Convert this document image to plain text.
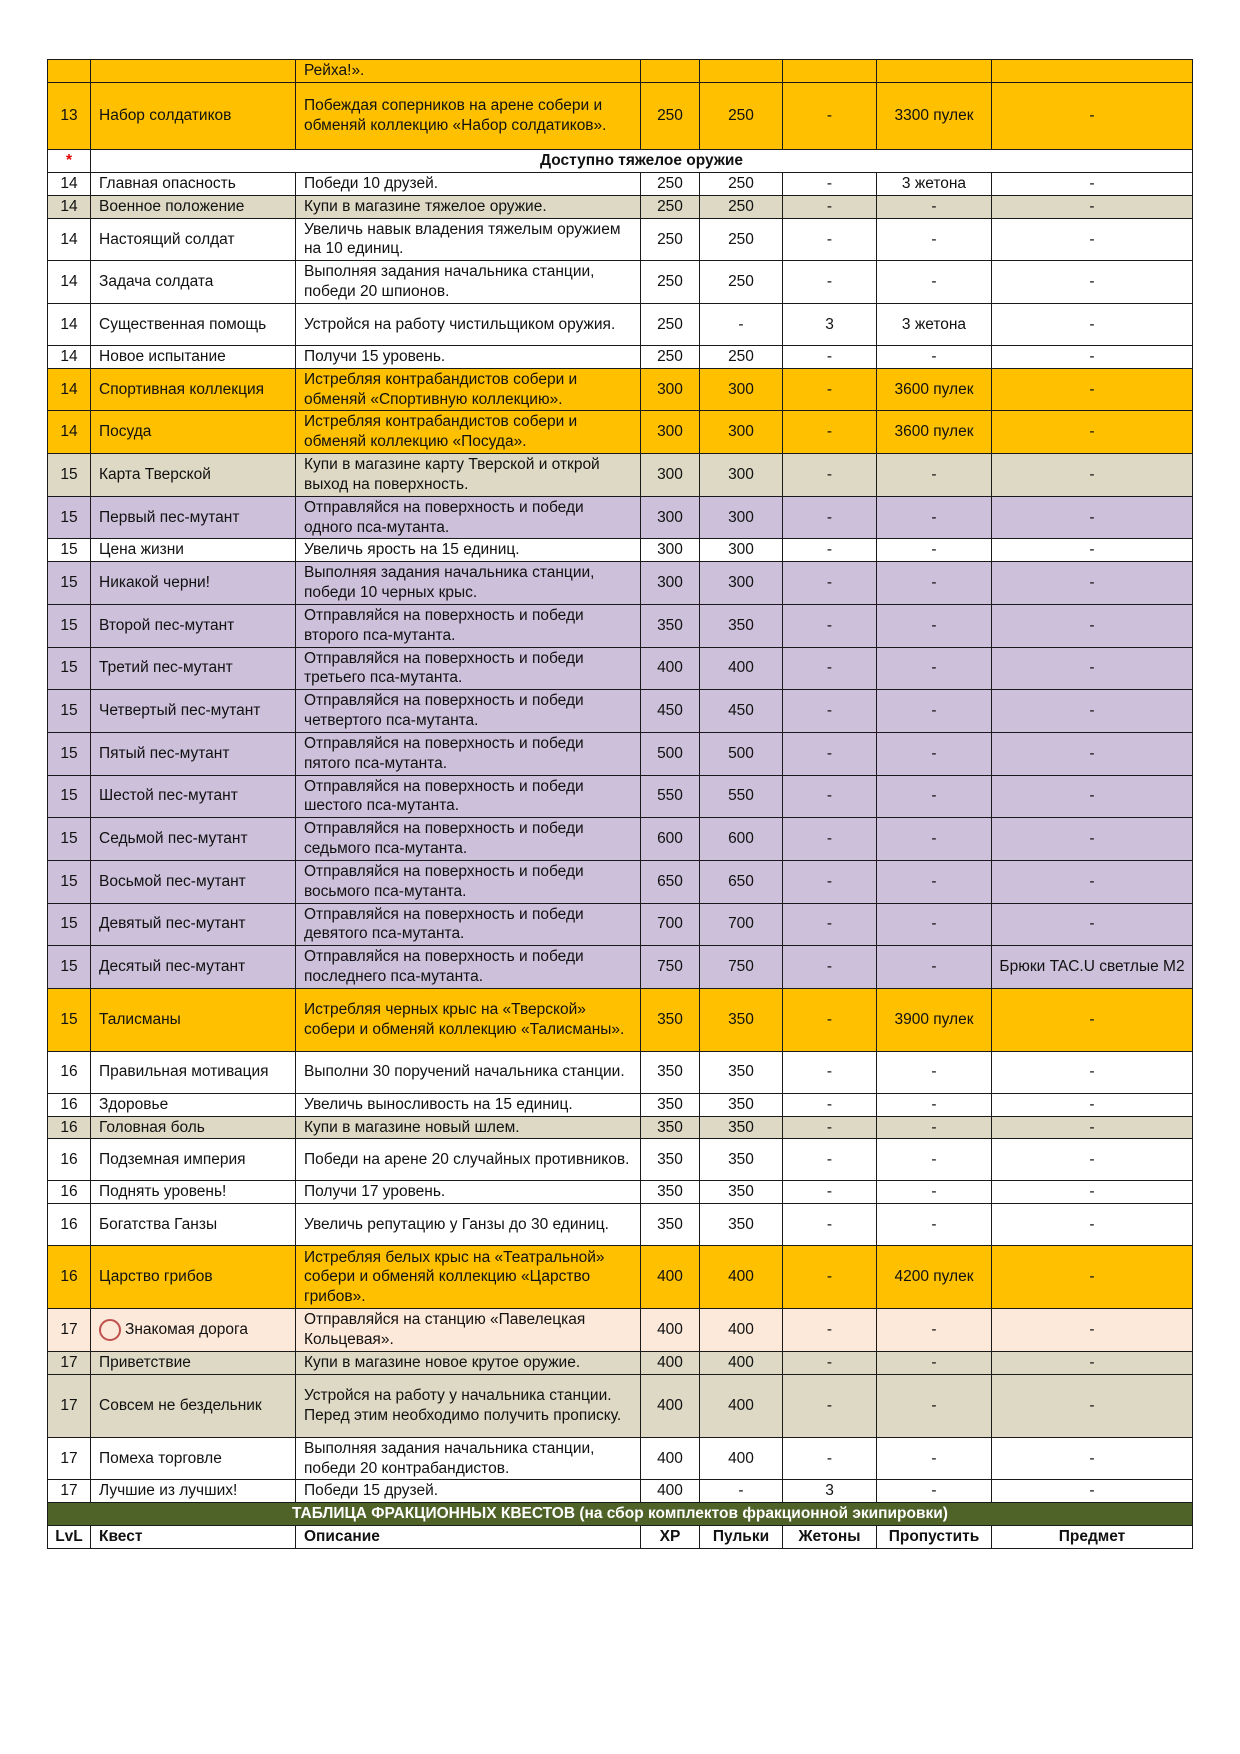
		Рейха!».					
13	Набор солдатиков	Побеждая соперников на арене собери и обменяй коллекцию «Набор солдатиков».	250	250	-	3300 пулек	-
*	Доступно тяжелое оружие						
14	Главная опасность	Победи 10 друзей.	250	250	-	3 жетона	-
14	Военное положение	Купи в магазине тяжелое оружие.	250	250	-	-	-
14	Настоящий солдат	Увеличь навык владения тяжелым оружием на 10 единиц.	250	250	-	-	-
14	Задача солдата	Выполняя задания начальника станции, победи 20 шпионов.	250	250	-	-	-
14	Существенная помощь	Устройся на работу чистильщиком оружия.	250	-	3	3 жетона	-
14	Новое испытание	Получи 15 уровень.	250	250	-	-	-
14	Спортивная коллекция	Истребляя контрабандистов собери и обменяй «Спортивную коллекцию».	300	300	-	3600 пулек	-
14	Посуда	Истребляя контрабандистов собери и обменяй коллекцию «Посуда».	300	300	-	3600 пулек	-
15	Карта Тверской	Купи в магазине карту Тверской и открой выход на поверхность.	300	300	-	-	-
15	Первый пес-мутант	Отправляйся на поверхность и победи одного пса-мутанта.	300	300	-	-	-
15	Цена жизни	Увеличь ярость на 15 единиц.	300	300	-	-	-
15	Никакой черни!	Выполняя задания начальника станции, победи 10 черных крыс.	300	300	-	-	-
15	Второй пес-мутант	Отправляйся на поверхность и победи второго пса-мутанта.	350	350	-	-	-
15	Третий пес-мутант	Отправляйся на поверхность и победи третьего пса-мутанта.	400	400	-	-	-
15	Четвертый пес-мутант	Отправляйся на поверхность и победи четвертого пса-мутанта.	450	450	-	-	-
15	Пятый пес-мутант	Отправляйся на поверхность и победи пятого пса-мутанта.	500	500	-	-	-
15	Шестой пес-мутант	Отправляйся на поверхность и победи шестого пса-мутанта.	550	550	-	-	-
15	Седьмой пес-мутант	Отправляйся на поверхность и победи седьмого пса-мутанта.	600	600	-	-	-
15	Восьмой пес-мутант	Отправляйся на поверхность и победи восьмого пса-мутанта.	650	650	-	-	-
15	Девятый пес-мутант	Отправляйся на поверхность и победи девятого пса-мутанта.	700	700	-	-	-
15	Десятый пес-мутант	Отправляйся на поверхность и победи последнего пса-мутанта.	750	750	-	-	Брюки TAC.U светлые M2
15	Талисманы	Истребляя черных крыс на «Тверской» собери и обменяй коллекцию «Талисманы».	350	350	-	3900 пулек	-
16	Правильная мотивация	Выполни 30 поручений начальника станции.	350	350	-	-	-
16	Здоровье	Увеличь выносливость на 15 единиц.	350	350	-	-	-
16	Головная боль	Купи в магазине новый шлем.	350	350	-	-	-
16	Подземная империя	Победи на арене 20 случайных противников.	350	350	-	-	-
16	Поднять уровень!	Получи 17 уровень.	350	350	-	-	-
16	Богатства Ганзы	Увеличь репутацию у Ганзы до 30 единиц.	350	350	-	-	-
16	Царство грибов	Истребляя белых крыс на «Театральной» собери и обменяй коллекцию «Царство грибов».	400	400	-	4200 пулек	-
17	Знакомая дорога	Отправляйся на станцию «Павелецкая Кольцевая».	400	400	-	-	-
17	Приветствие	Купи в магазине новое крутое оружие.	400	400	-	-	-
17	Совсем не бездельник	Устройся на работу у начальника станции. Перед этим необходимо получить прописку.	400	400	-	-	-
17	Помеха торговле	Выполняя задания начальника станции, победи 20 контрабандистов.	400	400	-	-	-
17	Лучшие из лучших!	Победи 15 друзей.	400	-	3	-	-
ТАБЛИЦА ФРАКЦИОННЫХ КВЕСТОВ (на сбор комплектов фракционной экипировки)							
LvL	Квест	Описание	XP	Пульки	Жетоны	Пропустить	Предмет
